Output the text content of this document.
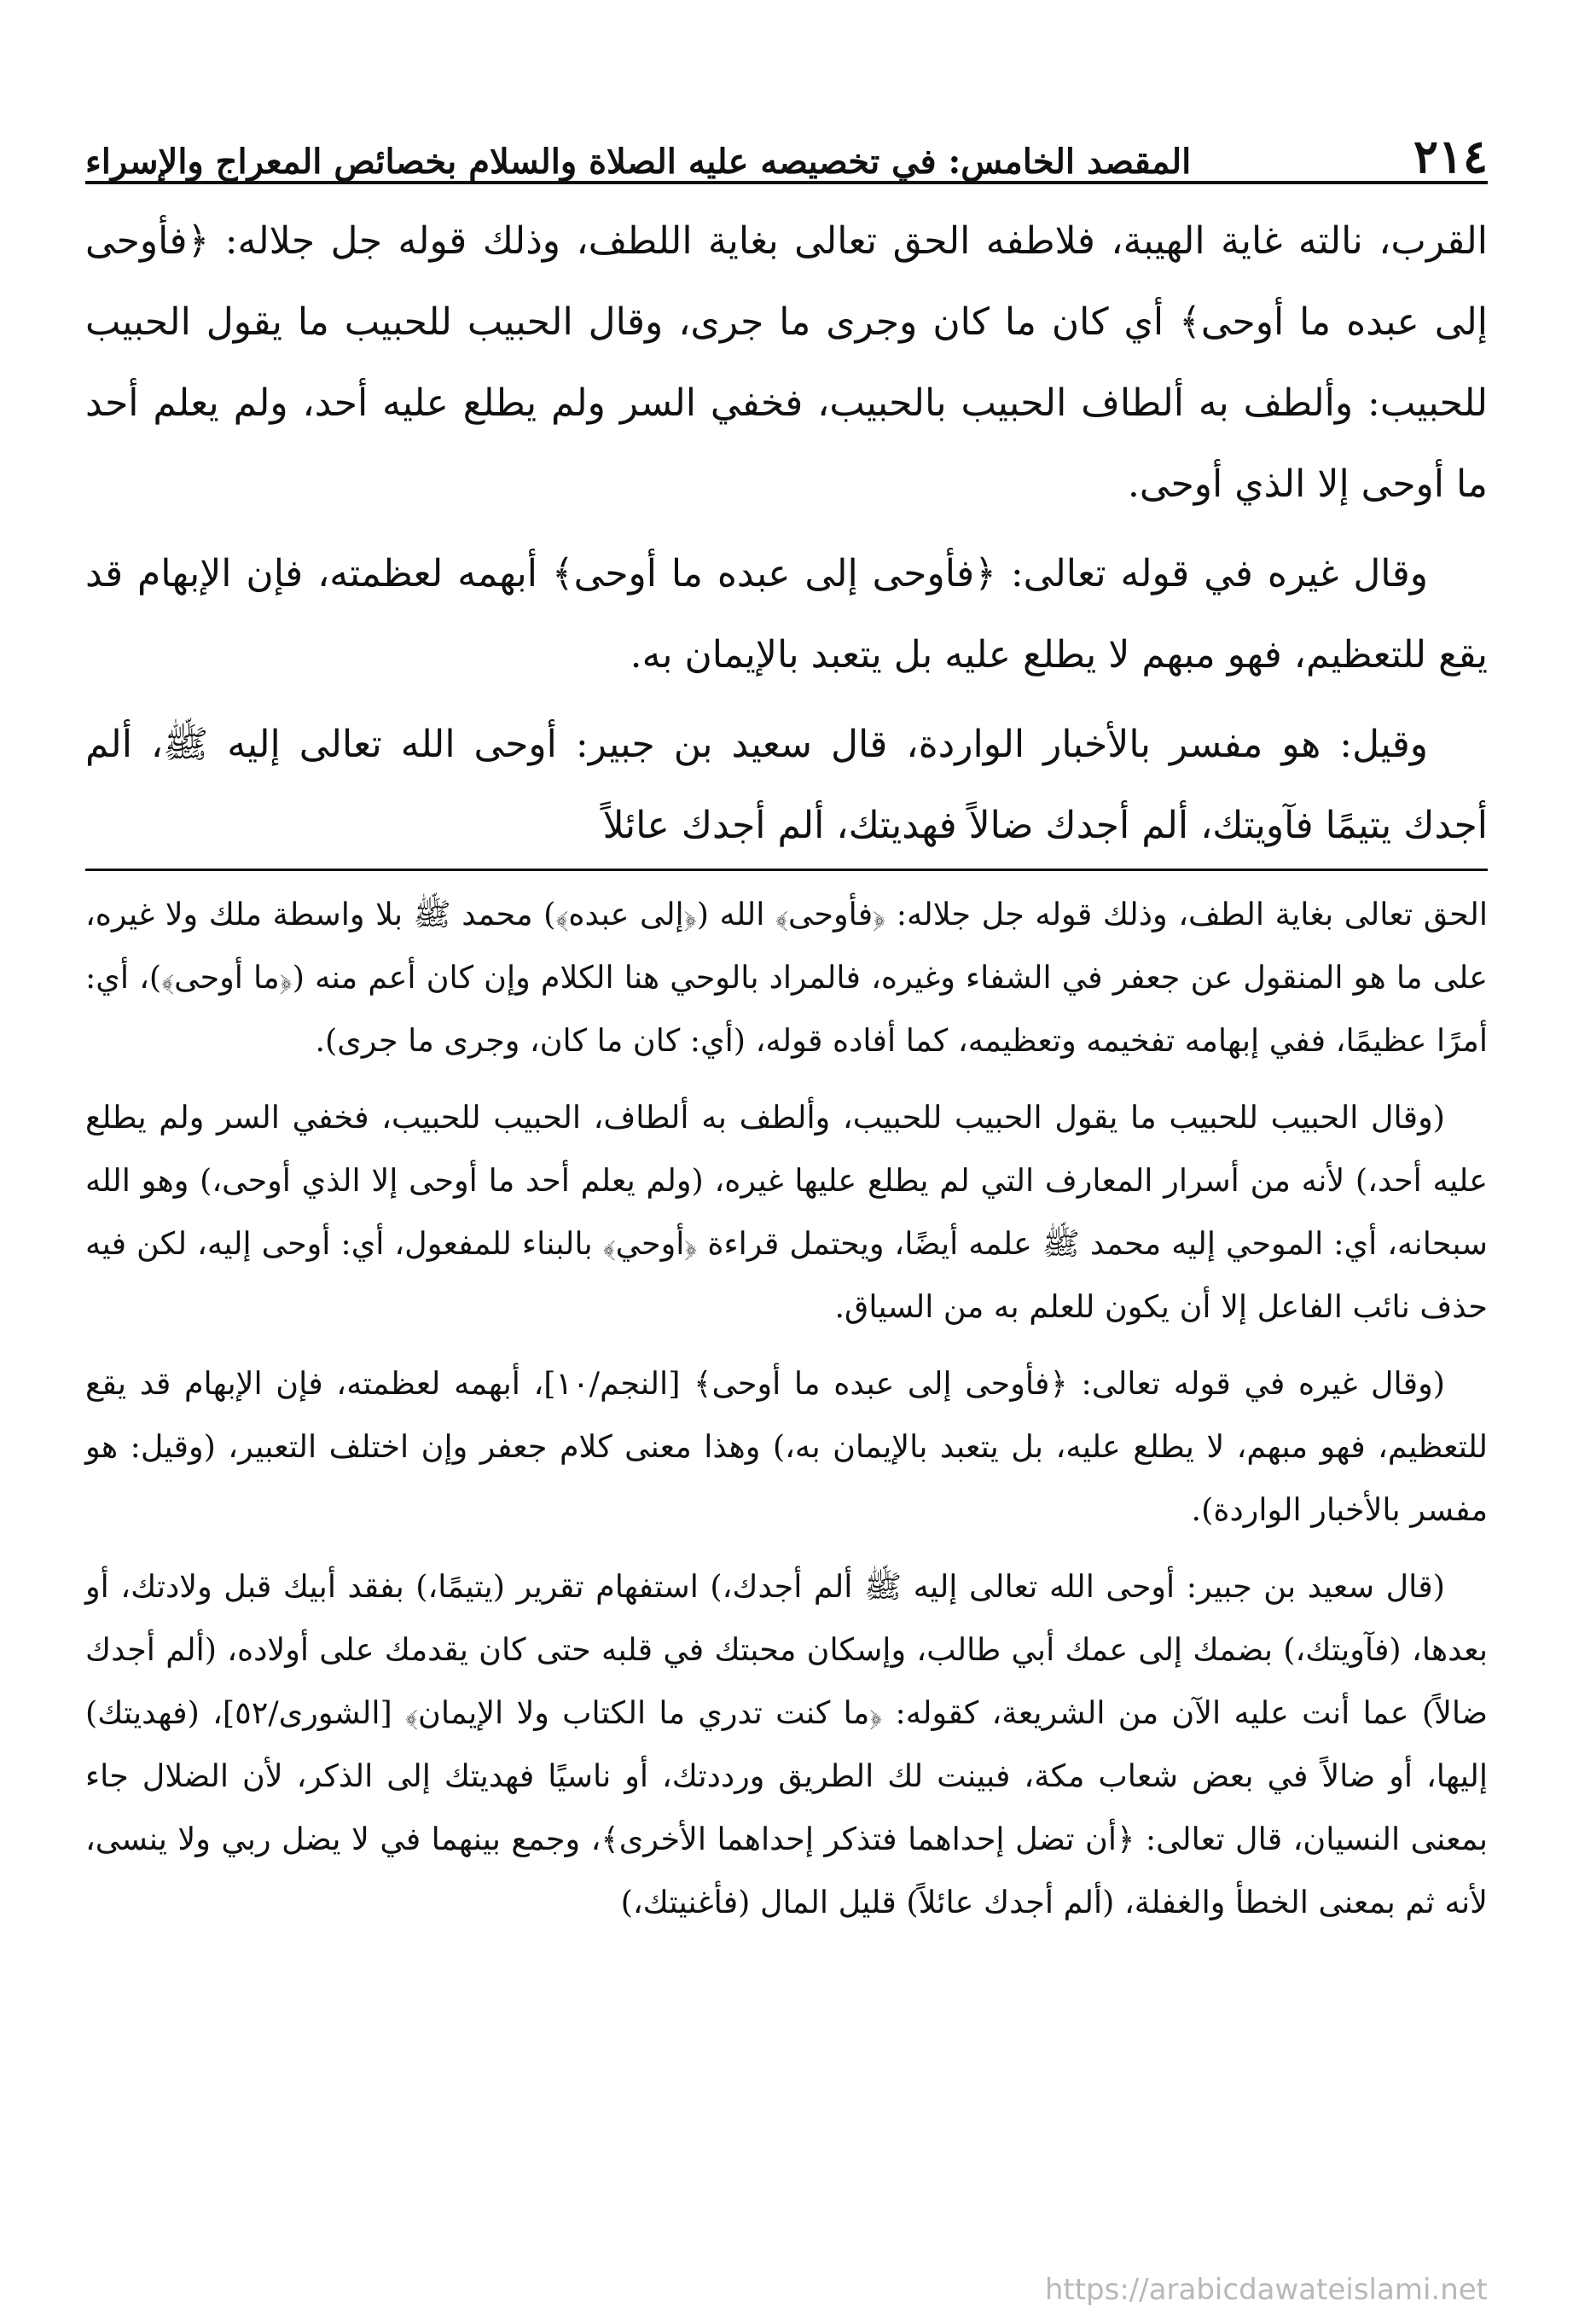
٢١٤
المقصد الخامس: في تخصيصه عليه الصلاة والسلام بخصائص المعراج والإسراء

القرب، نالته غاية الهيبة، فلاطفه الحق تعالى بغاية اللطف، وذلك قوله جل جلاله: ﴿فأوحى إلى عبده ما أوحى﴾ أي كان ما كان وجرى ما جرى، وقال الحبيب للحبيب ما يقول الحبيب للحبيب: وألطف به ألطاف الحبيب بالحبيب، فخفي السر ولم يطلع عليه أحد، ولم يعلم أحد ما أوحى إلا الذي أوحى.

وقال غيره في قوله تعالى: ﴿فأوحى إلى عبده ما أوحى﴾ أبهمه لعظمته، فإن الإبهام قد يقع للتعظيم، فهو مبهم لا يطلع عليه بل يتعبد بالإيمان به.

وقيل: هو مفسر بالأخبار الواردة، قال سعيد بن جبير: أوحى الله تعالى إليه ﷺ، ألم أجدك يتيمًا فآويتك، ألم أجدك ضالاً فهديتك، ألم أجدك عائلاً

الحق تعالى بغاية الطف، وذلك قوله جل جلاله: ﴿فأوحى﴾ الله (﴿إلى عبده﴾) محمد ﷺ بلا واسطة ملك ولا غيره، على ما هو المنقول عن جعفر في الشفاء وغيره، فالمراد بالوحي هنا الكلام وإن كان أعم منه (﴿ما أوحى﴾)، أي: أمرًا عظيمًا، ففي إبهامه تفخيمه وتعظيمه، كما أفاده قوله، (أي: كان ما كان، وجرى ما جرى).

(وقال الحبيب للحبيب ما يقول الحبيب للحبيب، وألطف به ألطاف، الحبيب للحبيب، فخفي السر ولم يطلع عليه أحد،) لأنه من أسرار المعارف التي لم يطلع عليها غيره، (ولم يعلم أحد ما أوحى إلا الذي أوحى،) وهو الله سبحانه، أي: الموحي إليه محمد ﷺ علمه أيضًا، ويحتمل قراءة ﴿أوحي﴾ بالبناء للمفعول، أي: أوحى إليه، لكن فيه حذف نائب الفاعل إلا أن يكون للعلم به من السياق.

(وقال غيره في قوله تعالى: ﴿فأوحى إلى عبده ما أوحى﴾ [النجم/١٠]، أبهمه لعظمته، فإن الإبهام قد يقع للتعظيم، فهو مبهم، لا يطلع عليه، بل يتعبد بالإيمان به،) وهذا معنى كلام جعفر وإن اختلف التعبير، (وقيل: هو مفسر بالأخبار الواردة).

(قال سعيد بن جبير: أوحى الله تعالى إليه ﷺ ألم أجدك،) استفهام تقرير (يتيمًا،) بفقد أبيك قبل ولادتك، أو بعدها، (فآويتك،) بضمك إلى عمك أبي طالب، وإسكان محبتك في قلبه حتى كان يقدمك على أولاده، (ألم أجدك ضالاً) عما أنت عليه الآن من الشريعة، كقوله: ﴿ما كنت تدري ما الكتاب ولا الإيمان﴾ [الشورى/٥٢]، (فهديتك) إليها، أو ضالاً في بعض شعاب مكة، فبينت لك الطريق ورددتك، أو ناسيًا فهديتك إلى الذكر، لأن الضلال جاء بمعنى النسيان، قال تعالى: ﴿أن تضل إحداهما فتذكر إحداهما الأخرى﴾، وجمع بينهما في لا يضل ربي ولا ينسى، لأنه ثم بمعنى الخطأ والغفلة، (ألم أجدك عائلاً) قليل المال (فأغنيتك،)

https://arabicdawateislami.net
